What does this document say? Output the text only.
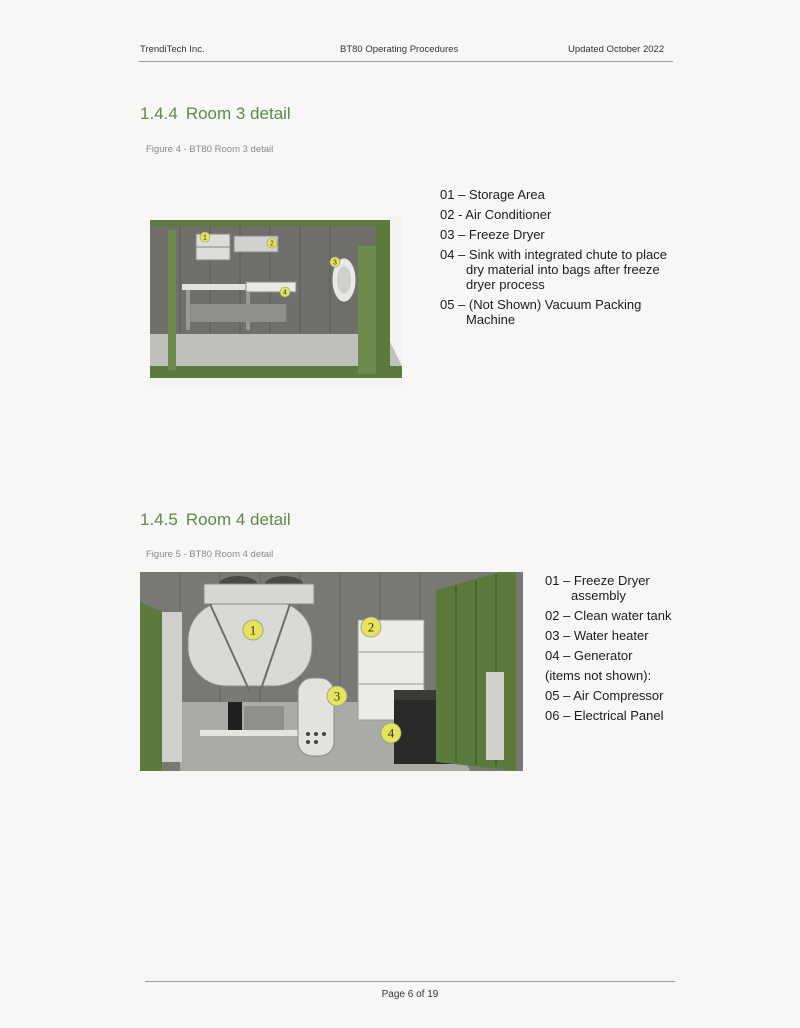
TrendiTech Inc.	BT80 Operating Procedures	Updated October 2022
1.4.4 Room 3 detail
Figure 4 - BT80 Room 3 detail
1
2
3
4
01 – Storage Area
02 - Air Conditioner
03 – Freeze Dryer
04 – Sink with integrated chute to place dry material into bags after freeze dryer process
05 – (Not Shown) Vacuum Packing Machine
1.4.5 Room 4 detail
Figure 5 - BT80 Room 4 detail
1	2
3
4
01 – Freeze Dryer assembly
02 – Clean water tank
03 – Water heater
04 – Generator
(items not shown):
05 – Air Compressor
06 – Electrical Panel
Page 6 of 19
